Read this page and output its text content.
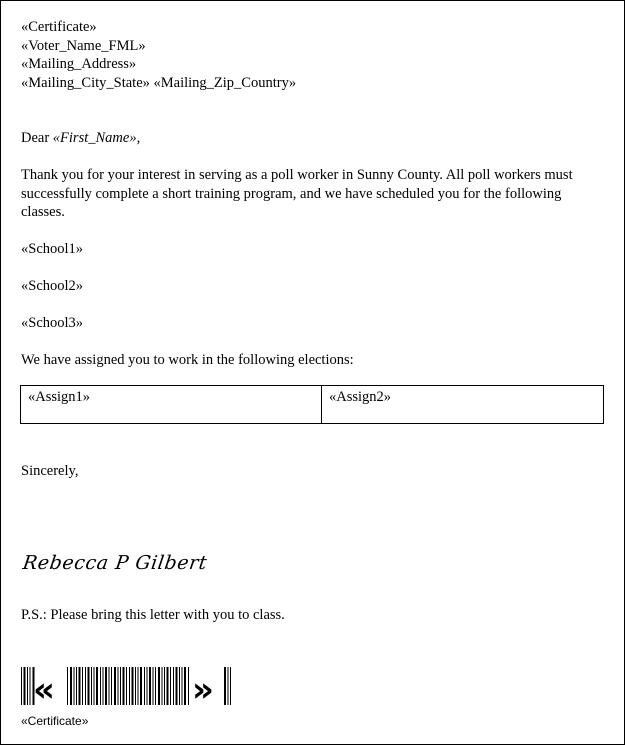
«Certificate»
«Voter_Name_FML»
«Mailing_Address»
«Mailing_City_State» «Mailing_Zip_Country»
Dear «First_Name»,
Thank you for your interest in serving as a poll worker in Sunny County. All poll workers must successfully complete a short training program, and we have scheduled you for the following classes.
«School1»
«School2»
«School3»
We have assigned you to work in the following elections:
«Assign1»	«Assign2»
Sincerely,
Rebecca P Gilbert
P.S.: Please bring this letter with you to class.
«	»
«Certificate»
